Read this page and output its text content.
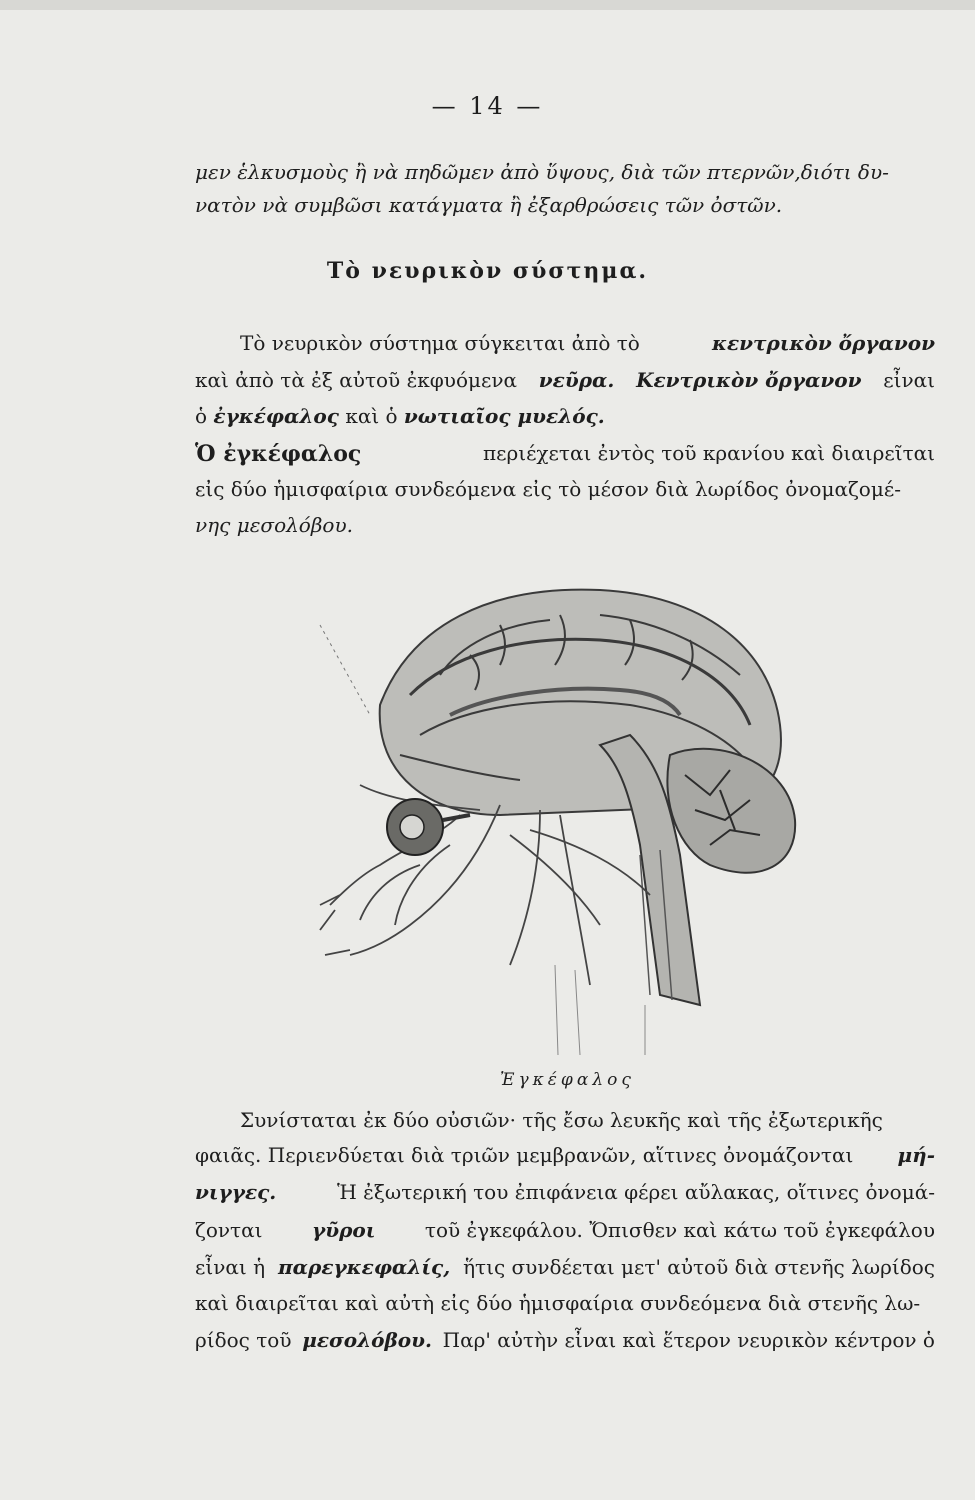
— 14 —
μεν ἑλκυσμοὺς ἢ νὰ πηδῶμεν ἀπὸ ὕψους, διὰ τῶν πτερνῶν,διότι δυ-
νατὸν νὰ συμβῶσι κατάγματα ἢ ἐξαρθρώσεις τῶν ὀστῶν.
Τὸ νευρικὸν σύστημα.
Τὸ νευρικὸν σύστημα σύγκειται ἀπὸ τὸ	κεντρικὸν ὄργανον
καὶ ἀπὸ τὰ ἐξ αὐτοῦ ἐκφυόμενα νεῦρα. Κεντρικὸν ὄργανον εἶναι
ὁ ἐγκέφαλος καὶ ὁ νωτιαῖος μυελός.
Ὁ ἐγκέφαλος	περιέχεται ἐντὸς τοῦ κρανίου καὶ διαιρεῖται
εἰς δύο ἡμισφαίρια συνδεόμενα εἰς τὸ μέσον διὰ λωρίδος ὀνομαζομέ-
νης μεσολόβου.
Ἐγκέφαλος
Συνίσταται ἐκ δύο οὐσιῶν· τῆς ἔσω λευκῆς καὶ τῆς ἐξωτερικῆς
φαιᾶς. Περιενδύεται διὰ τριῶν μεμβρανῶν, αἵτινες ὀνομάζονται μή-
νιγγες.	Ἡ ἐξωτερική του ἐπιφάνεια φέρει αὔλακας, οἵτινες ὀνομά-
ζονται γῦροι τοῦ ἐγκεφάλου. Ὄπισθεν καὶ κάτω τοῦ ἐγκεφάλου
εἶναι ἡ παρεγκεφαλίς, ἥτις συνδέεται μετ' αὐτοῦ διὰ στενῆς λωρίδος
καὶ διαιρεῖται καὶ αὐτὴ εἰς δύο ἡμισφαίρια συνδεόμενα διὰ στενῆς λω-
ρίδος τοῦ μεσολόβου. Παρ' αὐτὴν εἶναι καὶ ἕτερον νευρικὸν κέντρον ὁ
